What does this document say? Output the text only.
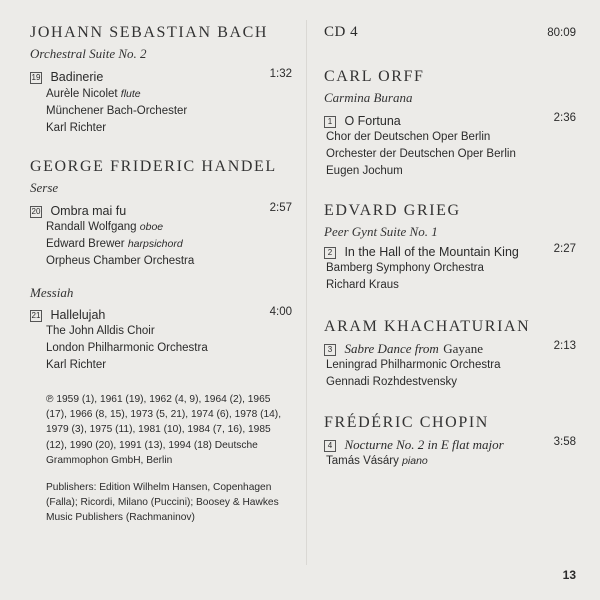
JOHANN SEBASTIAN BACH
Orchestral Suite No. 2
19 Badinerie	1:32
Aurèle Nicolet flute
Münchener Bach-Orchester
Karl Richter
GEORGE FRIDERIC HANDEL
Serse
20 Ombra mai fu	2:57
Randall Wolfgang oboe
Edward Brewer harpsichord
Orpheus Chamber Orchestra
Messiah
21 Hallelujah	4:00
The John Alldis Choir
London Philharmonic Orchestra
Karl Richter
℗ 1959 (1), 1961 (19), 1962 (4, 9), 1964 (2), 1965 (17), 1966 (8, 15), 1973 (5, 21), 1974 (6), 1978 (14), 1979 (3), 1975 (11), 1981 (10), 1984 (7, 16), 1985 (12), 1990 (20), 1991 (13), 1994 (18) Deutsche Grammophon GmbH, Berlin
Publishers: Edition Wilhelm Hansen, Copenhagen (Falla); Ricordi, Milano (Puccini); Boosey & Hawkes Music Publishers (Rachmaninov)
CD 4	80:09
CARL ORFF
Carmina Burana
1 O Fortuna	2:36
Chor der Deutschen Oper Berlin
Orchester der Deutschen Oper Berlin
Eugen Jochum
EDVARD GRIEG
Peer Gynt Suite No. 1
2 In the Hall of the Mountain King	2:27
Bamberg Symphony Orchestra
Richard Kraus
ARAM KHACHATURIAN
3 Sabre Dance from Gayane	2:13
Leningrad Philharmonic Orchestra
Gennadi Rozhdestvensky
FRÉDÉRIC CHOPIN
4 Nocturne No. 2 in E flat major	3:58
Tamás Vásáry piano
13
